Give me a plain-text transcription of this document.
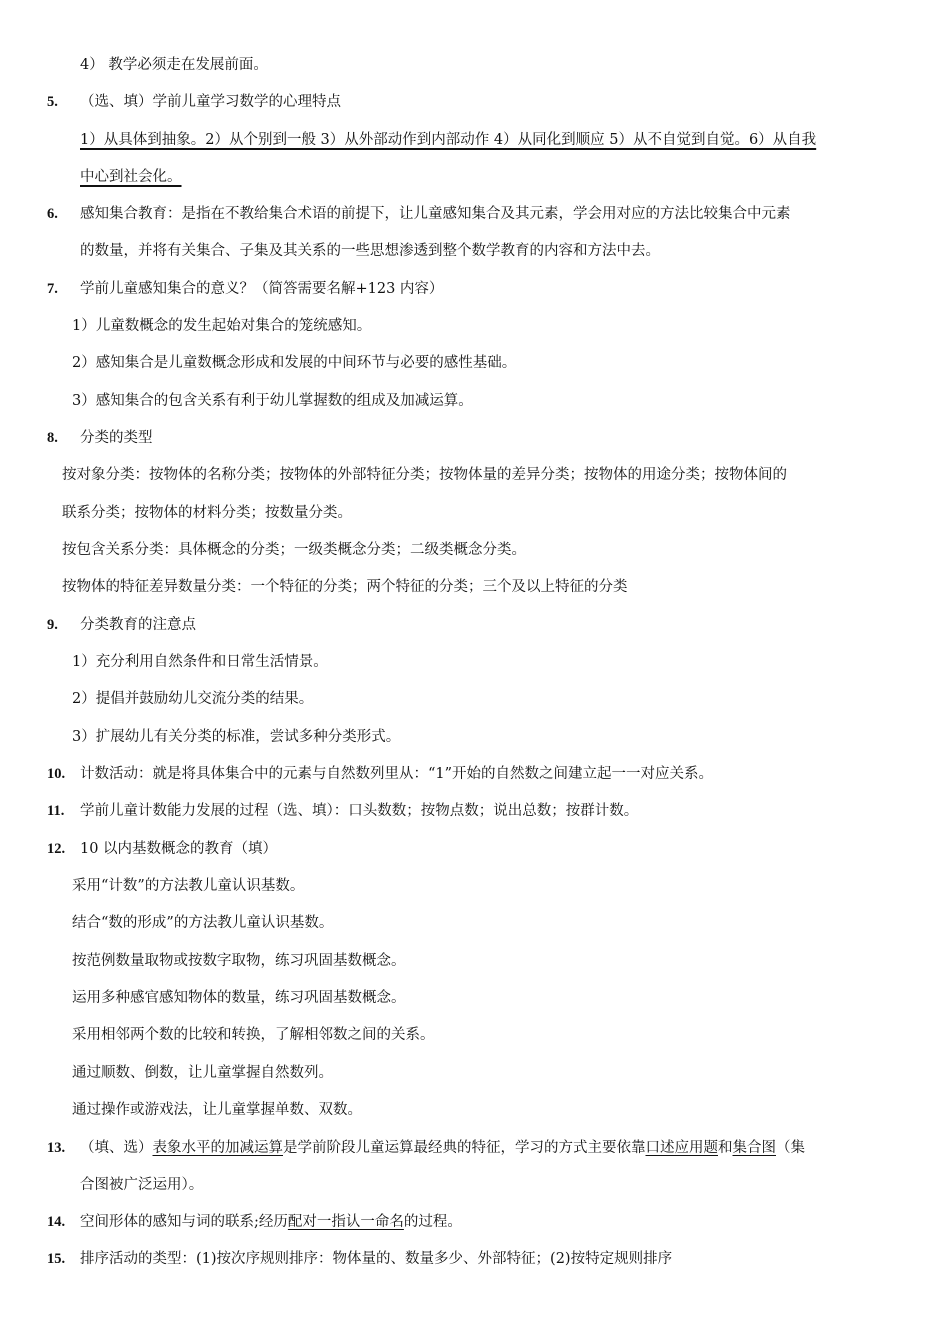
4） 教学必须走在发展前面。
5. （选、填）学前儿童学习数学的心理特点
1）从具体到抽象。2）从个别到一般 3）从外部动作到内部动作 4）从同化到顺应 5）从不自觉到自觉。6）从自我
中心到社会化。
6. 感知集合教育：是指在不教给集合术语的前提下，让儿童感知集合及其元素，学会用对应的方法比较集合中元素
的数量，并将有关集合、子集及其关系的一些思想渗透到整个数学教育的内容和方法中去。
7. 学前儿童感知集合的意义？（简答需要名解+123 内容）
1）儿童数概念的发生起始对集合的笼统感知。
2）感知集合是儿童数概念形成和发展的中间环节与必要的感性基础。
3）感知集合的包含关系有利于幼儿掌握数的组成及加减运算。
8. 分类的类型
按对象分类：按物体的名称分类；按物体的外部特征分类；按物体量的差异分类；按物体的用途分类；按物体间的
联系分类；按物体的材料分类；按数量分类。
按包含关系分类：具体概念的分类；一级类概念分类；二级类概念分类。
按物体的特征差异数量分类：一个特征的分类；两个特征的分类；三个及以上特征的分类
9. 分类教育的注意点
1）充分利用自然条件和日常生活情景。
2）提倡并鼓励幼儿交流分类的结果。
3）扩展幼儿有关分类的标准，尝试多种分类形式。
10. 计数活动：就是将具体集合中的元素与自然数列里从：“1”开始的自然数之间建立起一一对应关系。
11. 学前儿童计数能力发展的过程（选、填）：口头数数；按物点数；说出总数；按群计数。
12. 10 以内基数概念的教育（填）
采用“计数”的方法教儿童认识基数。
结合“数的形成”的方法教儿童认识基数。
按范例数量取物或按数字取物，练习巩固基数概念。
运用多种感官感知物体的数量，练习巩固基数概念。
采用相邻两个数的比较和转换，了解相邻数之间的关系。
通过顺数、倒数，让儿童掌握自然数列。
通过操作或游戏法，让儿童掌握单数、双数。
13. （填、选）表象水平的加减运算是学前阶段儿童运算最经典的特征，学习的方式主要依靠口述应用题和集合图（集
合图被广泛运用）。
14. 空间形体的感知与词的联系;经历配对一指认一命名的过程。
15. 排序活动的类型：(1)按次序规则排序：物体量的、数量多少、外部特征；(2)按特定规则排序
